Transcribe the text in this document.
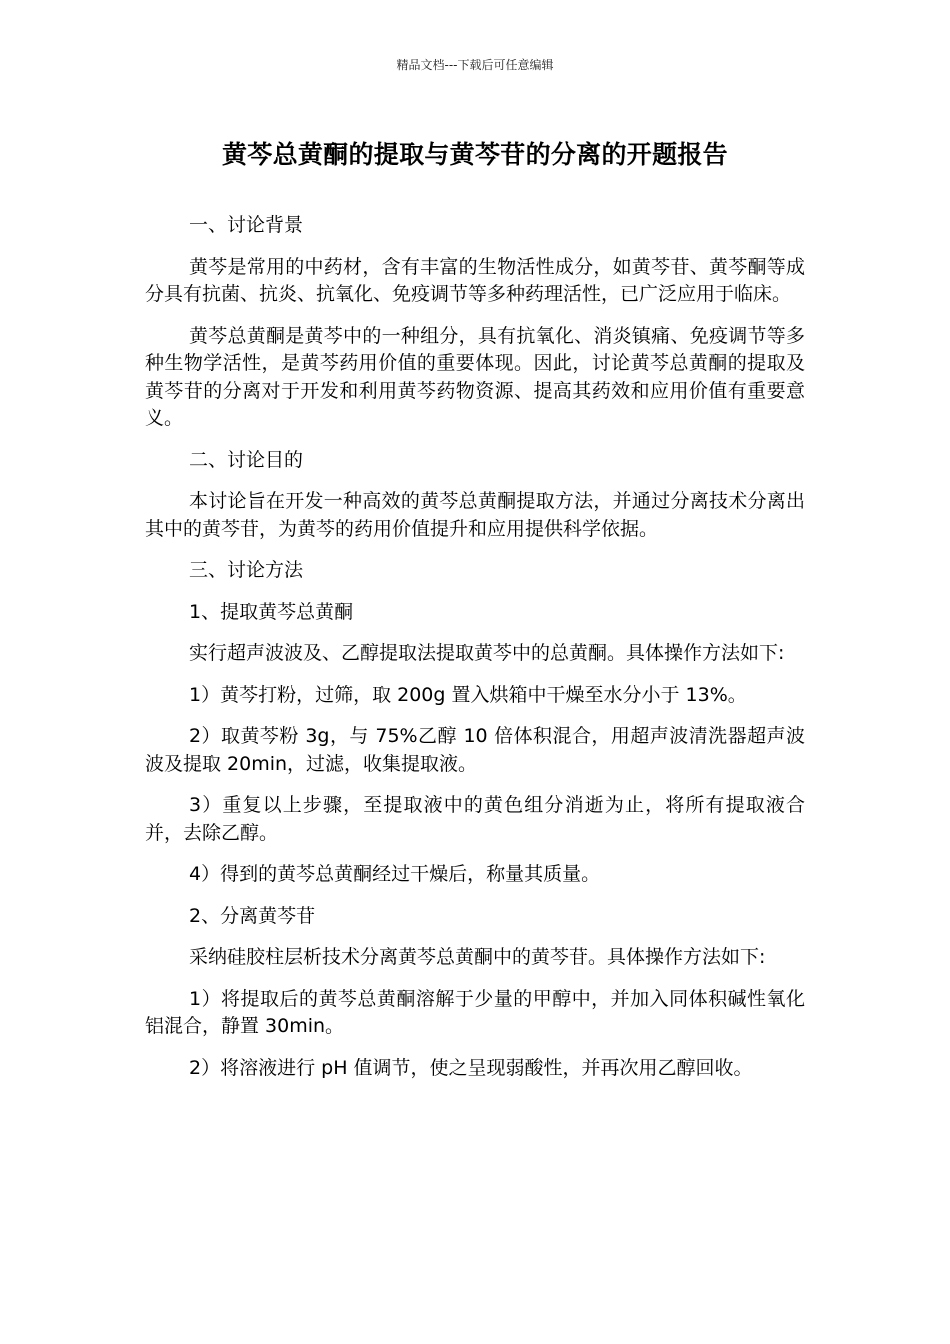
精品文档---下载后可任意编辑
黄芩总黄酮的提取与黄芩苷的分离的开题报告

一、讨论背景

黄芩是常用的中药材，含有丰富的生物活性成分，如黄芩苷、黄芩酮等成分具有抗菌、抗炎、抗氧化、免疫调节等多种药理活性，已广泛应用于临床。

黄芩总黄酮是黄芩中的一种组分，具有抗氧化、消炎镇痛、免疫调节等多种生物学活性，是黄芩药用价值的重要体现。因此，讨论黄芩总黄酮的提取及黄芩苷的分离对于开发和利用黄芩药物资源、提高其药效和应用价值有重要意义。

二、讨论目的

本讨论旨在开发一种高效的黄芩总黄酮提取方法，并通过分离技术分离出其中的黄芩苷，为黄芩的药用价值提升和应用提供科学依据。

三、讨论方法

1、提取黄芩总黄酮

实行超声波波及、乙醇提取法提取黄芩中的总黄酮。具体操作方法如下:

1）黄芩打粉，过筛，取 200g 置入烘箱中干燥至水分小于 13%。

2）取黄芩粉 3g，与 75%乙醇 10 倍体积混合，用超声波清洗器超声波波及提取 20min，过滤，收集提取液。

3）重复以上步骤，至提取液中的黄色组分消逝为止，将所有提取液合并，去除乙醇。

4）得到的黄芩总黄酮经过干燥后，称量其质量。

2、分离黄芩苷

采纳硅胶柱层析技术分离黄芩总黄酮中的黄芩苷。具体操作方法如下:

1）将提取后的黄芩总黄酮溶解于少量的甲醇中，并加入同体积碱性氧化铝混合，静置 30min。

2）将溶液进行 pH 值调节，使之呈现弱酸性，并再次用乙醇回收。
